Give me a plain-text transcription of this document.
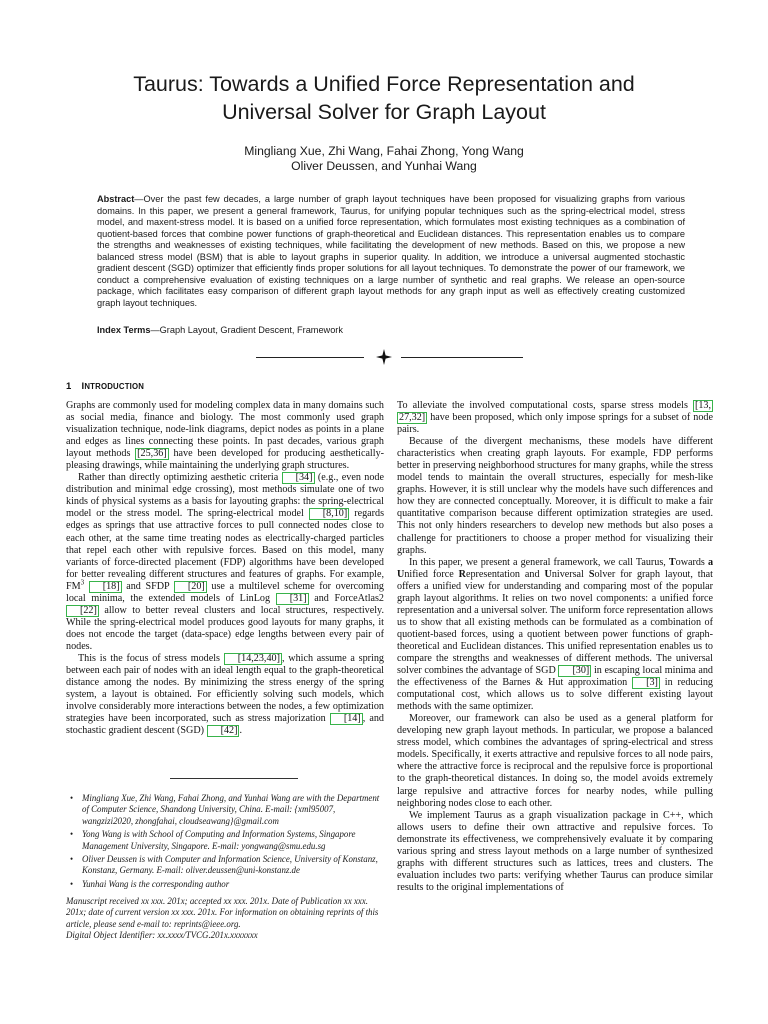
Taurus: Towards a Unified Force Representation and
Universal Solver for Graph Layout
Mingliang Xue, Zhi Wang, Fahai Zhong, Yong Wang
Oliver Deussen, and Yunhai Wang
Abstract—Over the past few decades, a large number of graph layout techniques have been proposed for visualizing graphs from various domains. In this paper, we present a general framework, Taurus, for unifying popular techniques such as the spring-electrical model, stress model, and maxent-stress model. It is based on a unified force representation, which formulates most existing techniques as a combination of quotient-based forces that combine power functions of graph-theoretical and Euclidean distances. This representation enables us to compare the strengths and weaknesses of existing techniques, while facilitating the development of new methods. Based on this, we propose a new balanced stress model (BSM) that is able to layout graphs in superior quality. In addition, we introduce a universal augmented stochastic gradient descent (SGD) optimizer that efficiently finds proper solutions for all layout techniques. To demonstrate the power of our framework, we conduct a comprehensive evaluation of existing techniques on a large number of synthetic and real graphs. We release an open-source package, which facilitates easy comparison of different graph layout methods for any graph input as well as effectively creating customized graph layout techniques.
Index Terms—Graph Layout, Gradient Descent, Framework
1 INTRODUCTION

Graphs are commonly used for modeling complex data in many domains such as social media, finance and biology. The most commonly used graph visualization technique, node-link diagrams, depict nodes as points in a plane and edges as lines connecting these points. In past decades, various graph layout methods [25,36] have been developed for producing aesthetically-pleasing drawings, while maintaining the underlying graph structures.

Rather than directly optimizing aesthetic criteria [34] (e.g., even node distribution and minimal edge crossing), most methods simulate one of two kinds of physical systems as a basis for layouting graphs: the spring-electrical model or the stress model. The spring-electrical model [8,10] regards edges as springs that use attractive forces to pull connected nodes close to each other, at the same time treating nodes as electrically-charged particles that repel each other with repulsive forces. Based on this model, many variants of force-directed placement (FDP) algorithms have been developed for better revealing different structures and features of graphs. For example, $FM^3$ [18] and SFDP [20] use a multilevel scheme for overcoming local minima, the extended models of LinLog [31] and ForceAtlas2 [22] allow to better reveal clusters and local structures, respectively. While the spring-electrical model produces good layouts for many graphs, it does not encode the target (data-space) edge lengths between every pair of nodes.

This is the focus of stress models [14,23,40] , which assume a spring between each pair of nodes with an ideal length equal to the graph-theoretical distance among the nodes. By minimizing the stress energy of the spring system, a layout is obtained. For efficiently solving such models, which involve considerably more interactions between the nodes, a few optimization strategies have been incorporated, such as stress majorization [14] , and stochastic gradient descent (SGD) [42] .

• Mingliang Xue, Zhi Wang, Fahai Zhong, and Yunhai Wang are with the Department of Computer Science, Shandong University, China. E-mail: {xml95007, wangzizi2020, zhongfahai, cloudseawang}@gmail.com
• Yong Wang is with School of Computing and Information Systems, Singapore Management University, Singapore. E-mail: yongwang@smu.edu.sg
• Oliver Deussen is with Computer and Information Science, University of Konstanz, Konstanz, Germany. E-mail: oliver.deussen@uni-konstanz.de
• Yunhai Wang is the corresponding author
Manuscript received xx xxx. 201x; accepted xx xxx. 201x. Date of Publication xx xxx. 201x; date of current version xx xxx. 201x. For information on obtaining reprints of this article, please send e-mail to: reprints@ieee.org.
Digital Object Identifier: xx.xxxx/TVCG.201x.xxxxxxx

To alleviate the involved computational costs, sparse stress models [13, 27,32] have been proposed, which only impose springs for a subset of node pairs.

Because of the divergent mechanisms, these models have different characteristics when creating graph layouts. For example, FDP performs better in preserving neighborhood structures for many graphs, while the stress model tends to maintain the overall structures, especially for mesh-like graphs. However, it is still unclear why the models have such differences and how they are connected conceptually. Moreover, it is difficult to make a fair quantitative comparison because different optimization strategies are used. This not only hinders researchers to develop new methods but also poses a challenge for practitioners to choose a proper method for visualizing their graphs.

In this paper, we present a general framework, we call Taurus, Towards a Unified force Representation and Universal Solver for graph layout, that offers a unified view for understanding and comparing most of the popular graph layout algorithms. It relies on two novel components: a unified force representation and a universal solver. The uniform force representation allows us to show that all existing methods can be formulated as a combination of quotient-based forces, using a quotient between power functions of graph-theoretical and Euclidean distances. This unified representation enables us to compare the strengths and weaknesses of different methods. The universal solver combines the advantage of SGD [30] in escaping local minima and the effectiveness of the Barnes & Hut approximation [3] in reducing computational cost, which allows us to solve different existing layout methods with the same optimizer.

Moreover, our framework can also be used as a general platform for developing new graph layout methods. In particular, we propose a balanced stress model, which combines the advantages of spring-electrical and stress models. Specifically, it exerts attractive and repulsive forces to all node pairs, where the attractive force is reciprocal and the repulsive force is proportional to the graph-theoretical distances. In doing so, the model avoids extremely large repulsive and attractive forces for nearby nodes, while pulling neighboring nodes close to each other.

We implement Taurus as a graph visualization package in C++, which allows users to define their own attractive and repulsive forces. To demonstrate its effectiveness, we comprehensively evaluate it by comparing various spring and stress layout methods on a large number of synthesized graphs with different structures such as lattices, trees and clusters. The evaluation includes two parts: verifying whether Taurus can produce similar results to the original implementations of
